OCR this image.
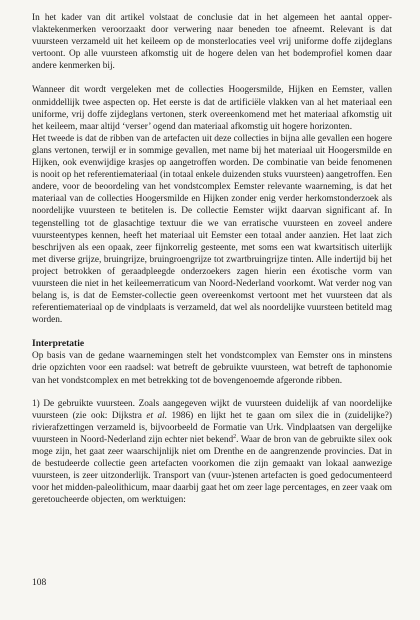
In het kader van dit artikel volstaat de conclusie dat in het algemeen het aantal oppervlaktekenmerken veroorzaakt door verwering naar beneden toe afneemt. Relevant is dat vuursteen verzameld uit het keileem op de monsterlocaties veel vrij uniforme doffe zijdeglans vertoont. Op alle vuursteen afkomstig uit de hogere delen van het bodemprofiel komen daar andere kenmerken bij.

Wanneer dit wordt vergeleken met de collecties Hoogersmilde, Hijken en Eemster, vallen onmiddellijk twee aspecten op. Het eerste is dat de artificiële vlakken van al het materiaal een uniforme, vrij doffe zijdeglans vertonen, sterk overeenkomend met het materiaal afkomstig uit het keileem, maar altijd ‘verser’ ogend dan materiaal afkomstig uit hogere horizonten.

Het tweede is dat de ribben van de artefacten uit deze collecties in bijna alle gevallen een hogere glans vertonen, terwijl er in sommige gevallen, met name bij het materiaal uit Hoogersmilde en Hijken, ook evenwijdige krasjes op aangetroffen worden. De combinatie van beide fenomenen is nooit op het referentiemateriaal (in totaal enkele duizenden stuks vuursteen) aangetroffen. Een andere, voor de beoordeling van het vondstcomplex Eemster relevante waarneming, is dat het materiaal van de collecties Hoogersmilde en Hijken zonder enig verder herkomstonderzoek als noordelijke vuursteen te betitelen is. De collectie Eemster wijkt daarvan significant af. In tegenstelling tot de glasachtige textuur die we van erratische vuursteen en zoveel andere vuursteentypes kennen, heeft het materiaal uit Eemster een totaal ander aanzien. Het laat zich beschrijven als een opaak, zeer fijnkorrelig gesteente, met soms een wat kwartsitisch uiterlijk met diverse grijze, bruingrijze, bruingroengrijze tot zwartbruingrijze tinten. Alle indertijd bij het project betrokken of geraadpleegde onderzoekers zagen hierin een éxotische vorm van vuursteen die niet in het keileemerraticum van Noord-Nederland voorkomt. Wat verder nog van belang is, is dat de Eemster-collectie geen overeenkomst vertoont met het vuursteen dat als referentiemateriaal op de vindplaats is verzameld, dat wel als noordelijke vuursteen betiteld mag worden.

Interpretatie

Op basis van de gedane waarnemingen stelt het vondstcomplex van Eemster ons in minstens drie opzichten voor een raadsel: wat betreft de gebruikte vuursteen, wat betreft de taphonomie van het vondstcomplex en met betrekking tot de bovengenoemde afgeronde ribben.

1) De gebruikte vuursteen. Zoals aangegeven wijkt de vuursteen duidelijk af van noordelijke vuursteen (zie ook: Dijkstra et al. 1986) en lijkt het te gaan om silex die in (zuidelijke?) rivierafzettingen verzameld is, bijvoorbeeld de Formatie van Urk. Vindplaatsen van dergelijke vuursteen in Noord-Nederland zijn echter niet bekend$^2$. Waar de bron van de gebruikte silex ook moge zijn, het gaat zeer waarschijnlijk niet om Drenthe en de aangrenzende provincies. Dat in de bestudeerde collectie geen artefacten voorkomen die zijn gemaakt van lokaal aanwezige vuursteen, is zeer uitzonderlijk. Transport van (vuur-)stenen artefacten is goed gedocumenteerd voor het midden-paleolithicum, maar daarbij gaat het om zeer lage percentages, en zeer vaak om geretoucheerde objecten, om werktuigen:

108
